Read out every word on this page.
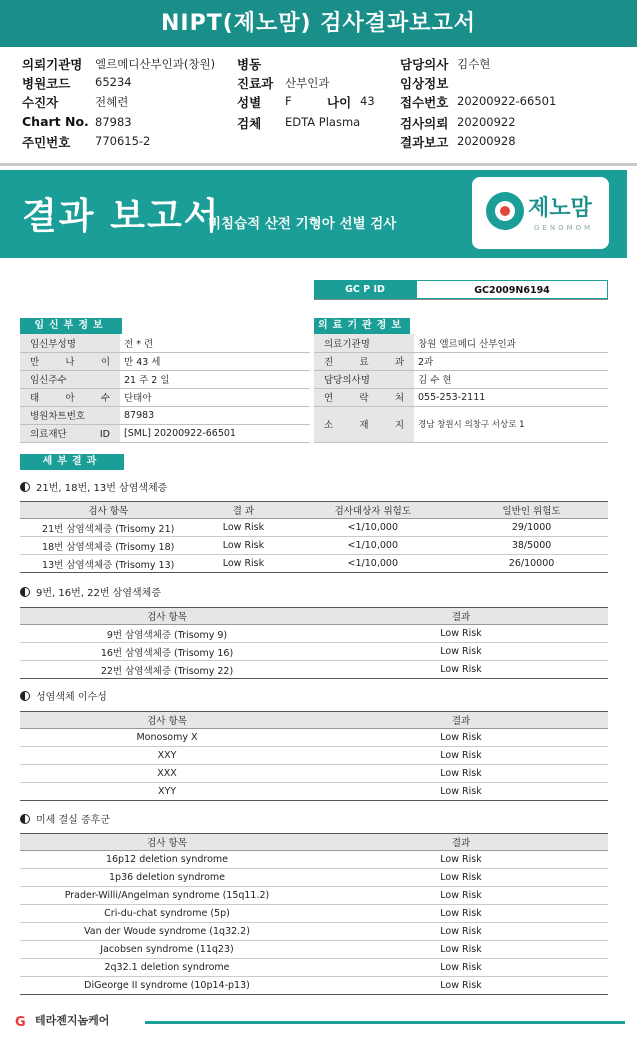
NIPT(제노맘) 검사결과보고서
의뢰기관명 엘르메디산부인과(창원)
병원코드 65234
수진자	전혜련
Chart No. 87983
주민번호 770615-2
병동
진료과 산부인과
성별 F
검체 EDTA Plasma
담당의사 김수현
임상정보
접수번호 20200922-66501
검사의뢰 20200922
결과보고 20200928
나이 43
결과 보고서
비침습적 산전 기형아 선별 검사
제노맘
GENOMOM
GC P ID	GC2009N6194
임신부정보	의료기관정보
임신부성명	전 * 련
만 나 이	만 43 세
임신주수	21 주 2 일
태 아 수	단태아
병원차트번호	87983
의료재단 ID	[SML] 20200922-66501
의료기관명	창원 엘르메디 산부인과
진 료 과	2과
담당의사명	김 수 현
연 락 처	055-253-2111
소 재 지	경남 창원시 의창구 서상로 1
세부결과
21번, 18번, 13번 삼염색체증
검사 항목	결 과	검사대상자 위험도	일반인 위험도
21번 삼염색체증 (Trisomy 21)	Low Risk	<1/10,000	29/1000
18번 삼염색체증 (Trisomy 18)	Low Risk	<1/10,000	38/5000
13번 삼염색체증 (Trisomy 13)	Low Risk	<1/10,000	26/10000
9번, 16번, 22번 삼염색체증
검사 항목	결과
9번 삼염색체증 (Trisomy 9)	Low Risk
16번 삼염색체증 (Trisomy 16)	Low Risk
22번 삼염색체증 (Trisomy 22)	Low Risk
성염색체 이수성
검사 항목	결과
Monosomy X	Low Risk
XXY	Low Risk
XXX	Low Risk
XYY	Low Risk
미세 결실 증후군
검사 항목	결과
16p12 deletion syndrome	Low Risk
1p36 deletion syndrome	Low Risk
Prader-Willi/Angelman syndrome (15q11.2)	Low Risk
Cri-du-chat syndrome (5p)	Low Risk
Van der Woude syndrome (1q32.2)	Low Risk
Jacobsen syndrome (11q23)	Low Risk
2q32.1 deletion syndrome	Low Risk
DiGeorge II syndrome (10p14-p13)	Low Risk
G 테라젠지놈케어
